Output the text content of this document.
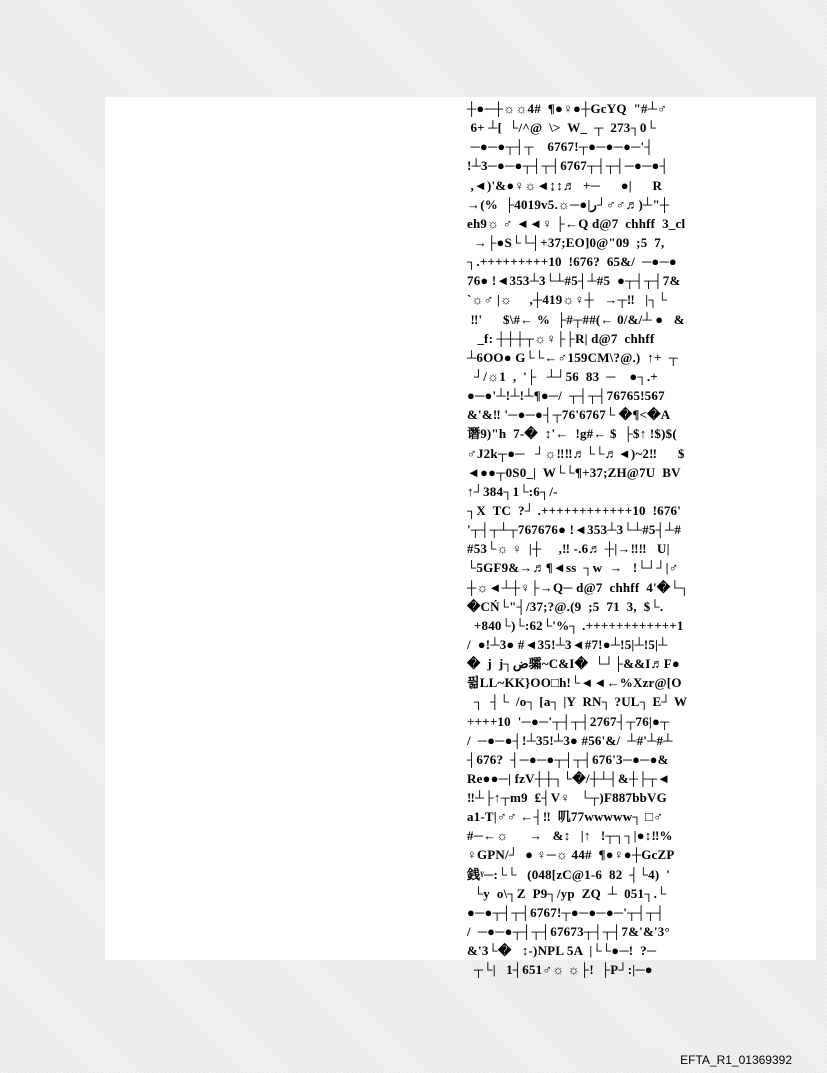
┼●─┼☼☼4#  ¶●♀●┼GcYQ  "#┴♂
6+ ┴[  └/^@  \>  W_  ┬  273┐0└
─●─●┬┤┬    6767!┬●─●─●─'┤
!┴3─●─●┬┤┬┤6767┬┤┬┤─●─●┤
,◄)'&●♀☼◄↨↕♬  +─      ●|      R
→(%  ├4019v5.☼─●|ﺭ┘♂♂♬)┴"┼
eh9☼ ♂ ◄◄♀ ├←Q d@7  chhff  3_cl
→├●S└└┤+37;EO]0@"09  ;5  7,
┐.+++++++++10  !676?  65&/  ─●─●
76● !◄353┴3└┴#5┤┴#5  ●┬┤┬┤7&
`☼♂ |☼     ,┼419☼♀┼   →┬‼   |┐└
‼'      $\#← %  ├#┬##(← 0/&/┴ ●   &
_f: ┼┼┼┬☼♀├├R| d@7  chhff
┴6OO● G└└←♂159CM\?@.)  ↑+  ┬
┘/☼1  ,  '├   ┴┘56  83  ─    ●┐.+
●─●'┴!┴!┴¶●─/  ┬┤┬┤76765!567
&'&‼ '─●─●┤┬76'6767└ �¶<�A
谮9)"h  7-�  ↕'←  !g#← $  ├$↑ !$)$(
♂J2k┬●─   ┘☼‼‼♬└└♬◄)~2‼      $
◄●●┬0S0_|  W└└¶+37;ZH@7U  BV
↑┘384┐1└:6┐/-
┐X  TC  ?┘ .++++++++++++10  !676'
'┬┤┬┴┬767676● !◄353┴3└┴#5┤┴#
#53└☼ ♀  |┼     ,‼ -.6♬ ┼|→‼‼   U|
└5GF9&→♬¶◄ss  ┐w  →   !└┘┘|♂
┼☼◄┴┼♀├→Q─ d@7  chhff  4'�└┐
�CŃ└"┤/37;?@.(9  ;5  71  3,  $└.
+840└)└:62└'%┐ .++++++++++++1
/  ●!┴3● #◄35!┴3◄#7!●┴!5|┴!5|┴
�  j  j┐ض骦~C&I�  └┘├&&I♬F●
퓖LL~KK}OO□h!└◄◄←%Xzr@[O
┐  ┤└  /o┐ [a┐ |Y  RN┐ ?UL┐ E┘ W
++++10  '─●─'┬┤┬┤2767┤┬76|●┬
/  ─●─●┤!┴35!┴3● #56'&/  ┴#'┴#┴
┤676?  ┤─●─●┬┤┬┤676'3─●─●&
Re●●─| fzV┼┼┐└�/┼┴┤&┼├┬◄
‼┴├↑┬m9  ₤┤V♀   └┬)F887bbVG
a1-T|♂♂ ←┤‼  叽77wwwww┐ □♂
#─←☼      →   &↕   |↑   !┬┐┐|●↕‼%
♀GPN/┘  ● ♀─☼ 44#  ¶●♀●┼GcZP
銭ᵞ─:└└   (048[zC@1-6  82  ┤└4)  '
└y  o\┐Z  P9┐/yp  ZQ  ┴  051┐.└
●─●┬┤┬┤6767!┬●─●─●─'┬┤┬┤
/  ─●─●┬┤┬┤67673┬┤┬┤7&'&'3°
&'3└�   ↕-)NPL 5A  |└└●─!  ?─
┬└|   1┤651♂☼ ☼├!  ├P┘:|─●
EFTA_R1_01369392
